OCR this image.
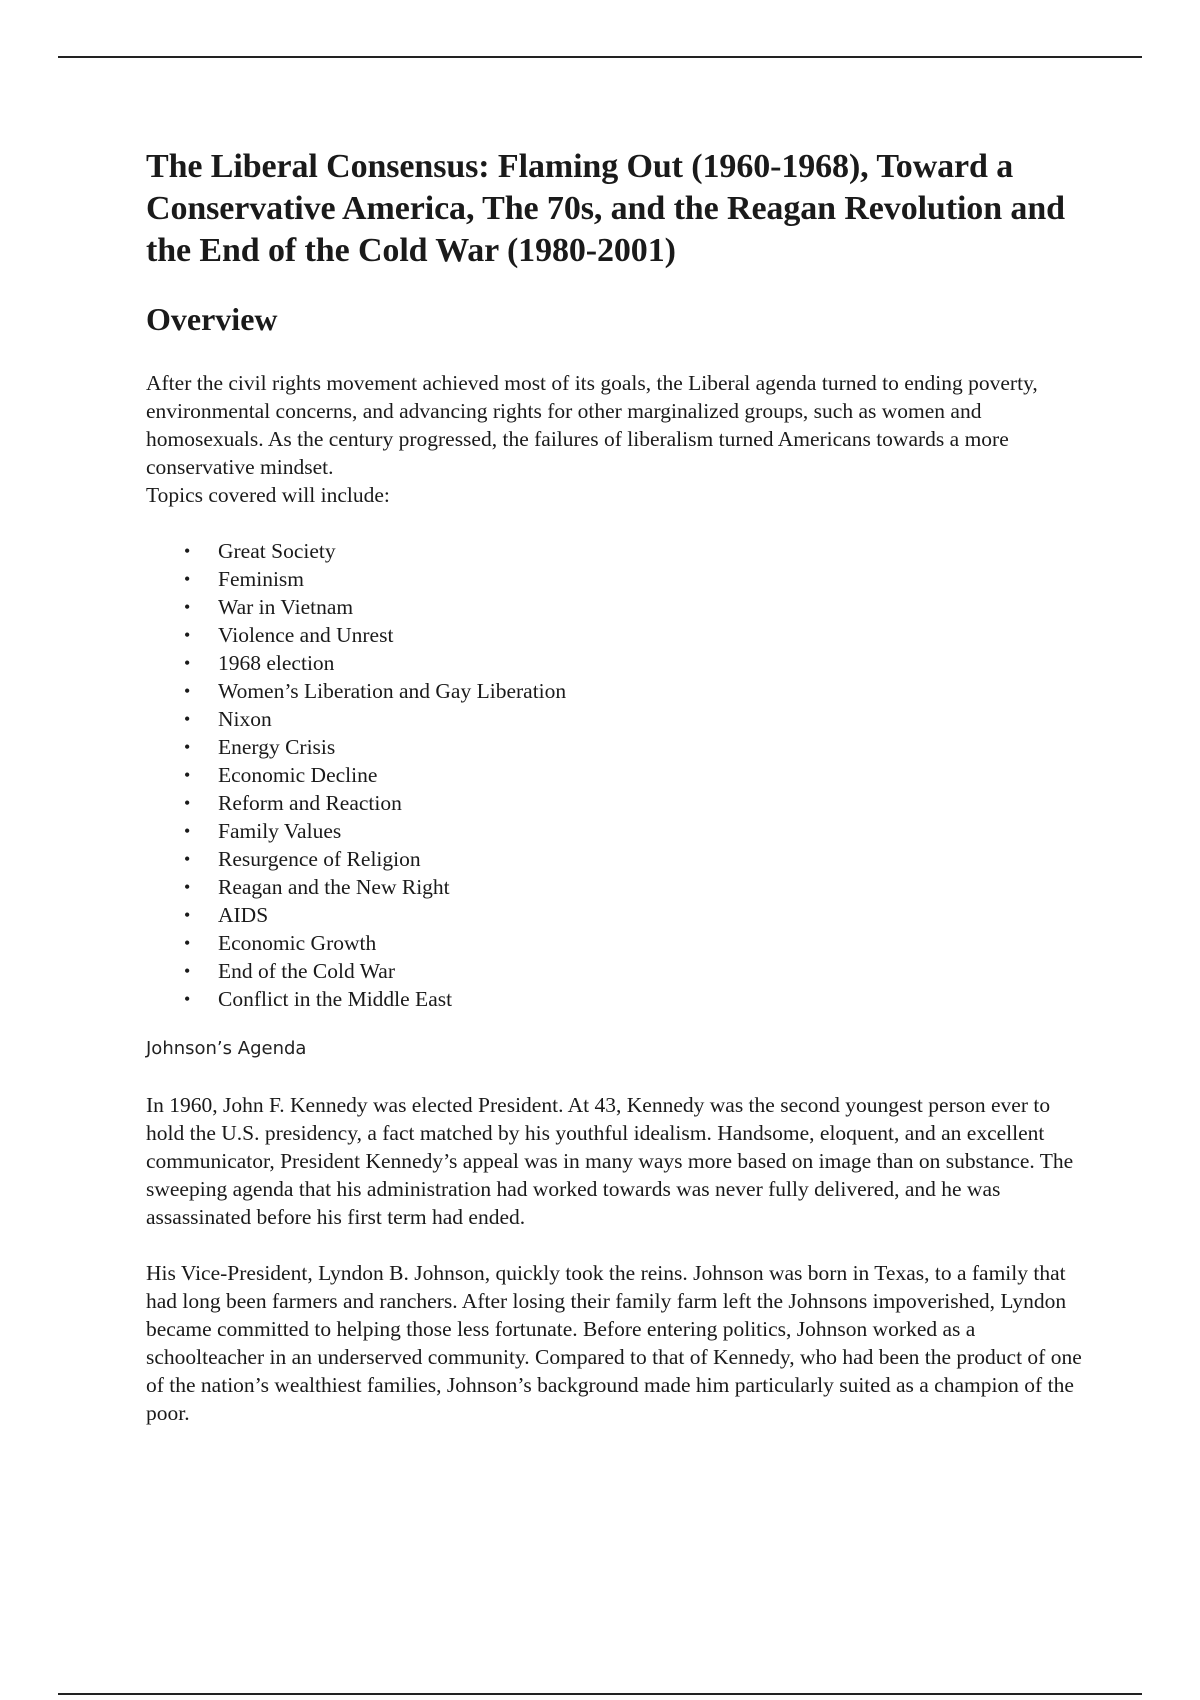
The Liberal Consensus: Flaming Out (1960-1968), Toward a Conservative America, The 70s, and the Reagan Revolution and the End of the Cold War (1980-2001)
Overview

After the civil rights movement achieved most of its goals, the Liberal agenda turned to ending poverty, environmental concerns, and advancing rights for other marginalized groups, such as women and homosexuals. As the century progressed, the failures of liberalism turned Americans towards a more conservative mindset.

Topics covered will include:

• Great Society
• Feminism
• War in Vietnam
• Violence and Unrest
• 1968 election
• Women’s Liberation and Gay Liberation
• Nixon
• Energy Crisis
• Economic Decline
• Reform and Reaction
• Family Values
• Resurgence of Religion
• Reagan and the New Right
• AIDS
• Economic Growth
• End of the Cold War
• Conflict in the Middle East

Johnson’s Agenda

In 1960, John F. Kennedy was elected President. At 43, Kennedy was the second youngest person ever to hold the U.S. presidency, a fact matched by his youthful idealism. Handsome, eloquent, and an excellent communicator, President Kennedy’s appeal was in many ways more based on image than on substance. The sweeping agenda that his administration had worked towards was never fully delivered, and he was assassinated before his first term had ended.

His Vice-President, Lyndon B. Johnson, quickly took the reins. Johnson was born in Texas, to a family that had long been farmers and ranchers. After losing their family farm left the Johnsons impoverished, Lyndon became committed to helping those less fortunate. Before entering politics, Johnson worked as a schoolteacher in an underserved community. Compared to that of Kennedy, who had been the product of one of the nation’s wealthiest families, Johnson’s background made him particularly suited as a champion of the poor.
